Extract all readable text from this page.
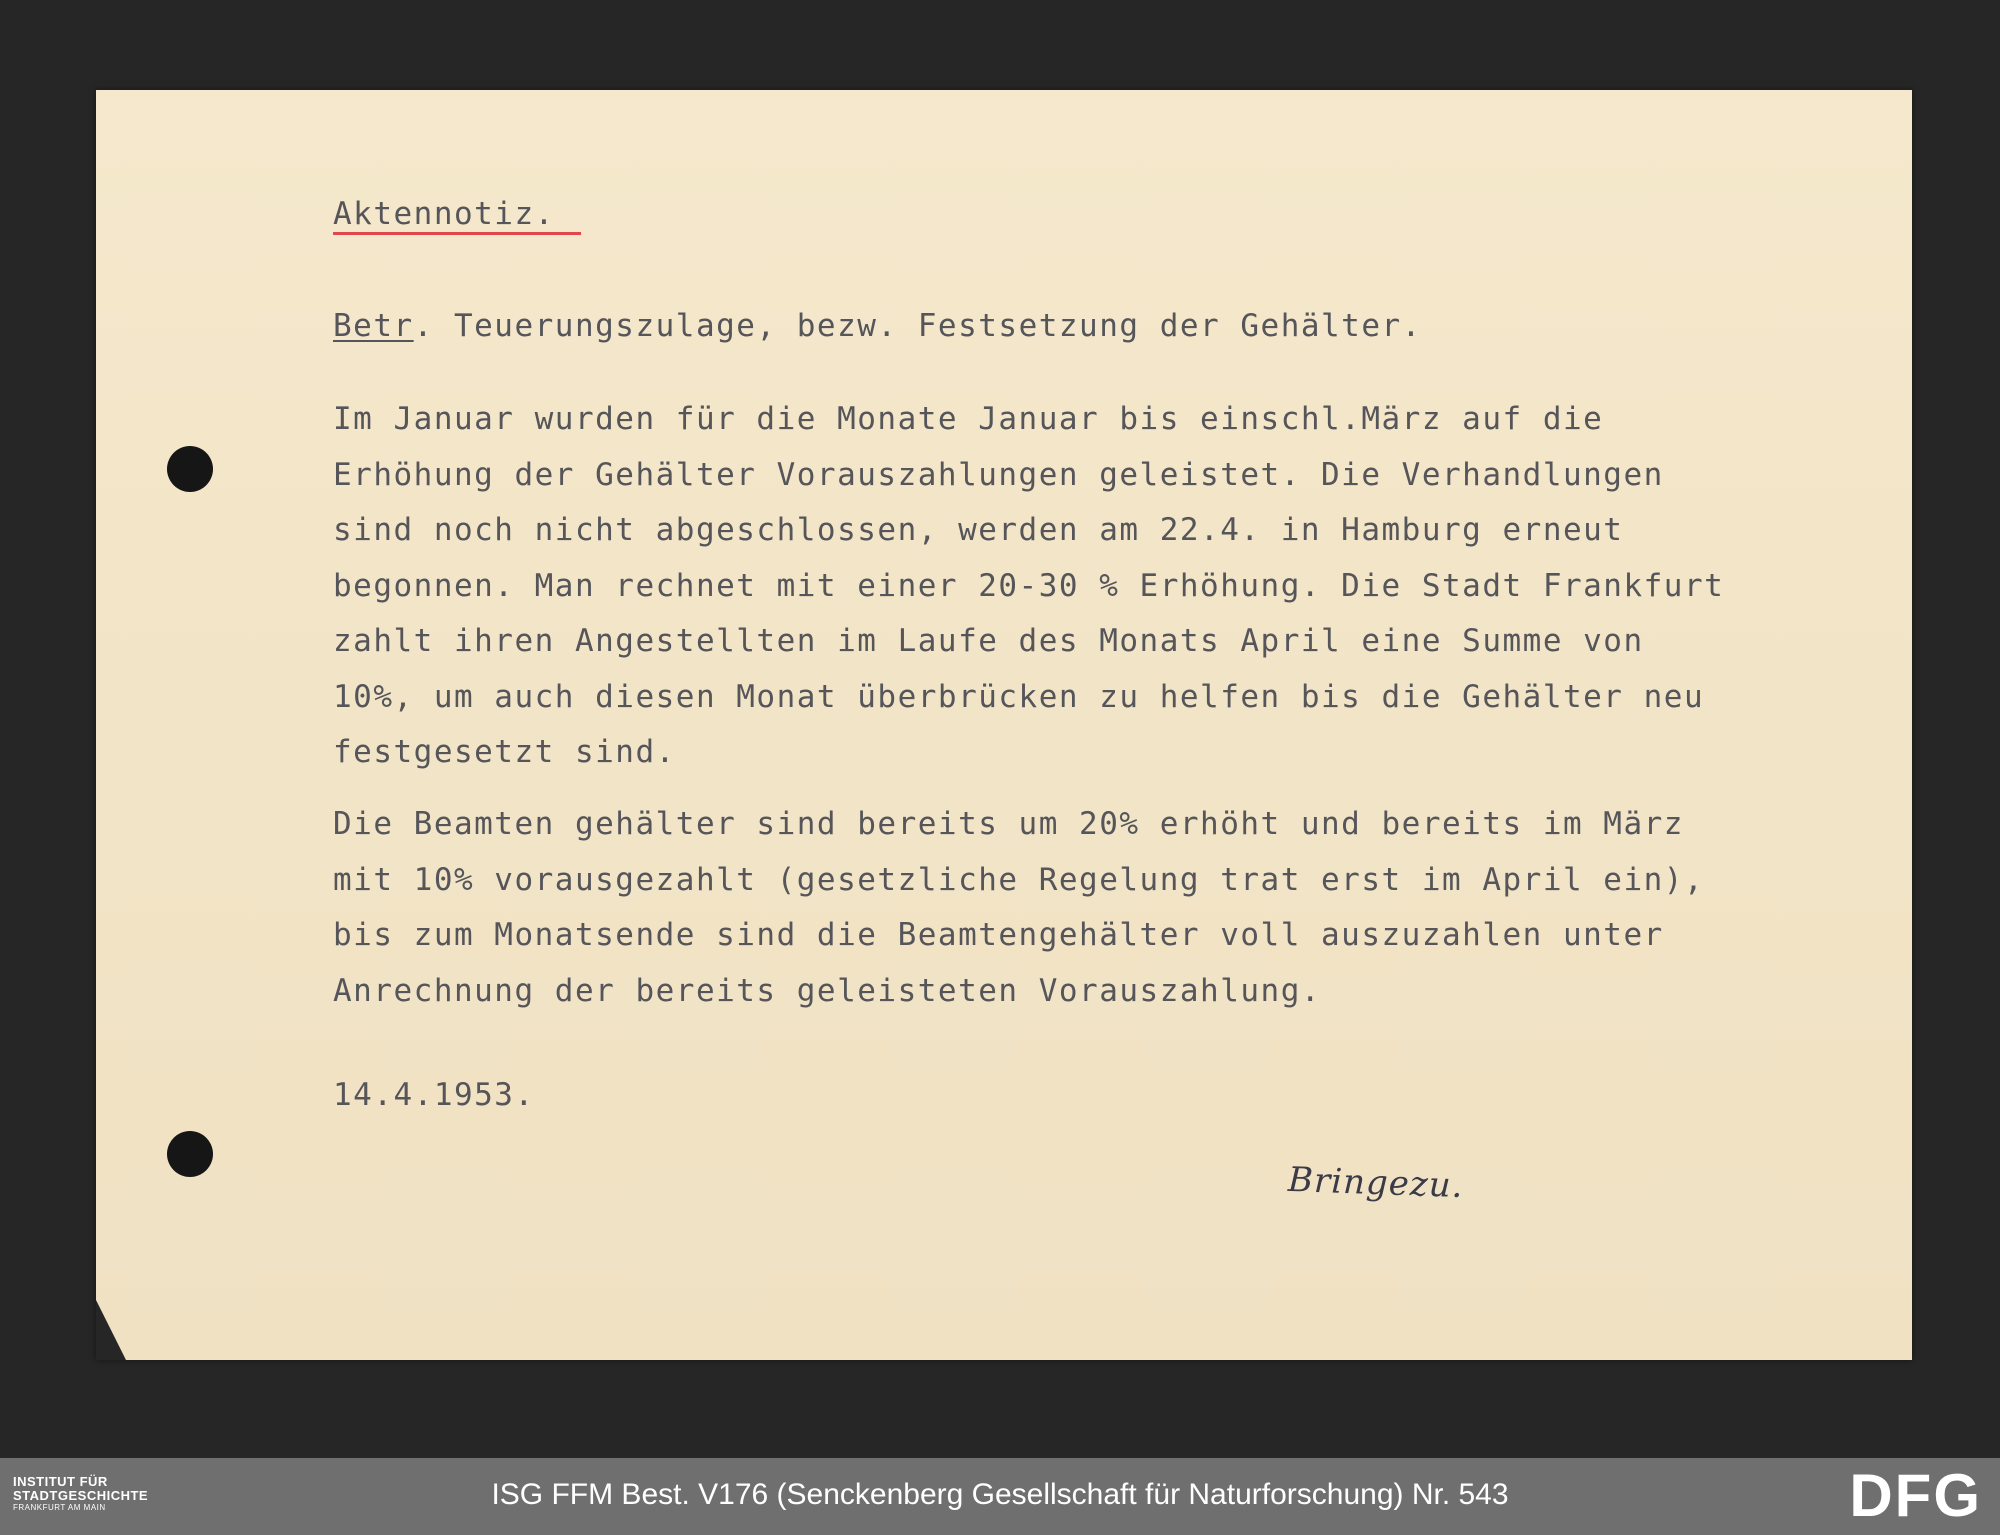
Aktennotiz.
Betr. Teuerungszulage, bezw. Festsetzung der Gehälter.
Im Januar wurden für die Monate Januar bis einschl.März auf die
Erhöhung der Gehälter Vorauszahlungen geleistet. Die Verhandlungen
sind noch nicht abgeschlossen, werden am 22.4. in Hamburg erneut
begonnen. Man rechnet mit einer 20-30 % Erhöhung. Die Stadt Frankfurt
zahlt ihren Angestellten im Laufe des Monats April eine Summe von
10%, um auch diesen Monat überbrücken zu helfen bis die Gehälter neu
festgesetzt sind.
Die Beamten gehälter sind bereits um 20% erhöht und bereits im März
mit 10% vorausgezahlt (gesetzliche Regelung trat erst im April ein),
bis zum Monatsende sind die Beamtengehälter voll auszuzahlen unter
Anrechnung der bereits geleisteten Vorauszahlung.
14.4.1953.
Bringezu.
INSTITUT FÜR
STADTGESCHICHTE
FRANKFURT AM MAIN	ISG FFM Best. V176 (Senckenberg Gesellschaft für Naturforschung) Nr. 543	DFG
